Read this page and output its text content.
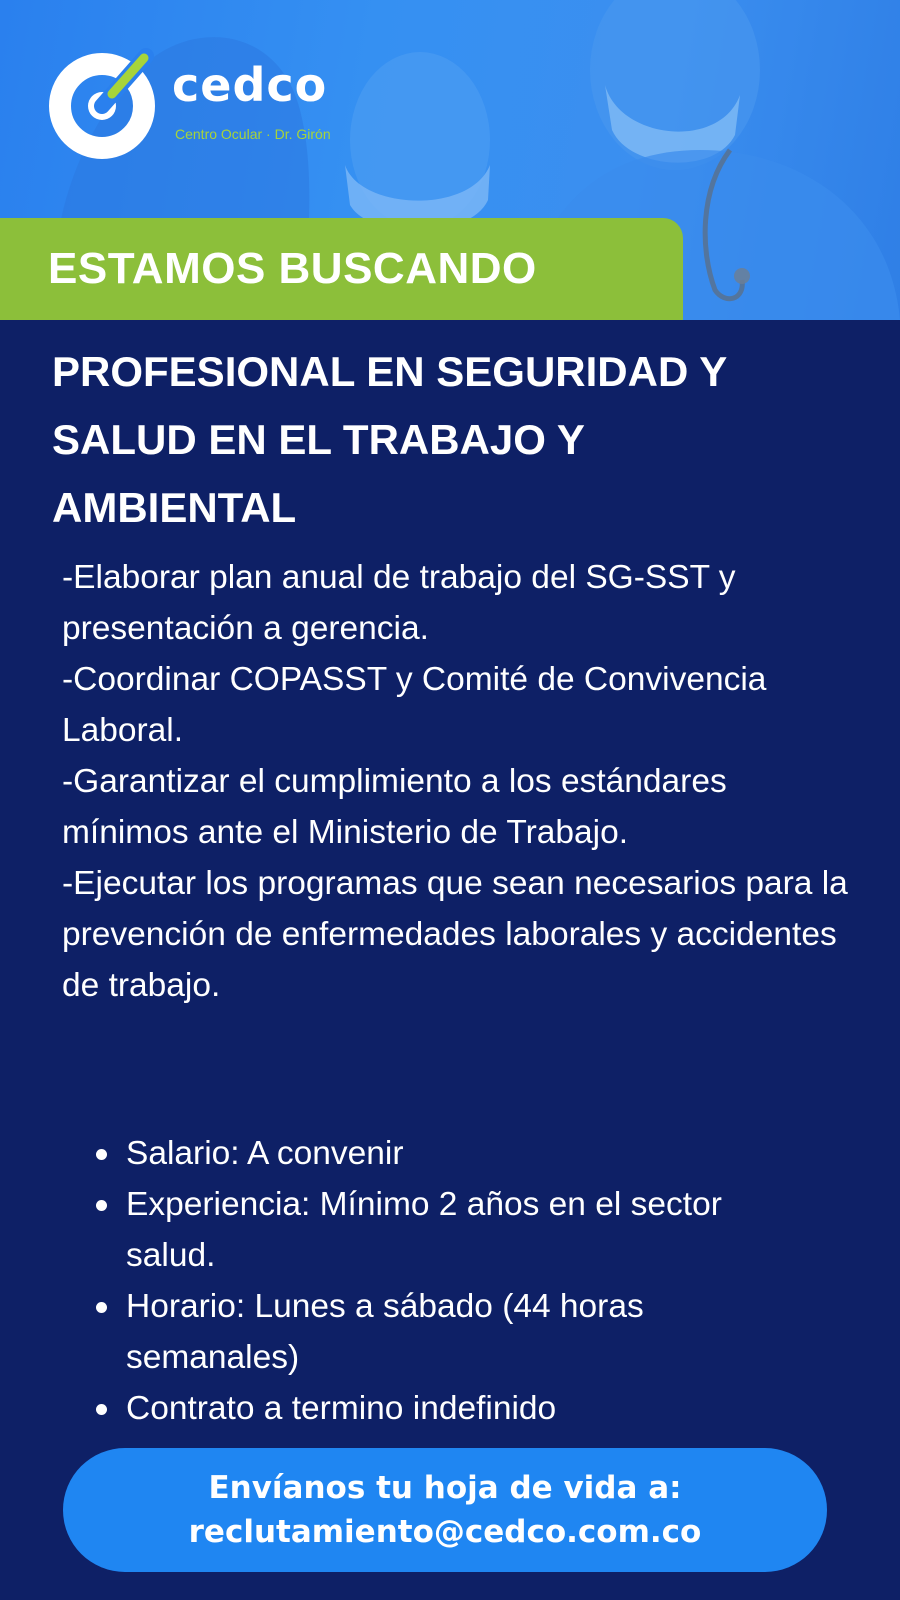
cedco
Centro Ocular · Dr. Girón
ESTAMOS BUSCANDO
PROFESIONAL EN SEGURIDAD Y
SALUD EN EL TRABAJO Y
AMBIENTAL

-Elaborar plan anual de trabajo del SG-SST y presentación a gerencia.

-Coordinar COPASST y Comité de Convivencia Laboral.

-Garantizar el cumplimiento a los estándares mínimos ante el Ministerio de Trabajo.

-Ejecutar los programas que sean necesarios para la prevención de enfermedades laborales y accidentes de trabajo.

Salario: A convenir
Experiencia: Mínimo 2 años en el sector salud.
Horario: Lunes a sábado (44 horas semanales)
Contrato a termino indefinido
Envíanos tu hoja de vida a:
reclutamiento@cedco.com.co
